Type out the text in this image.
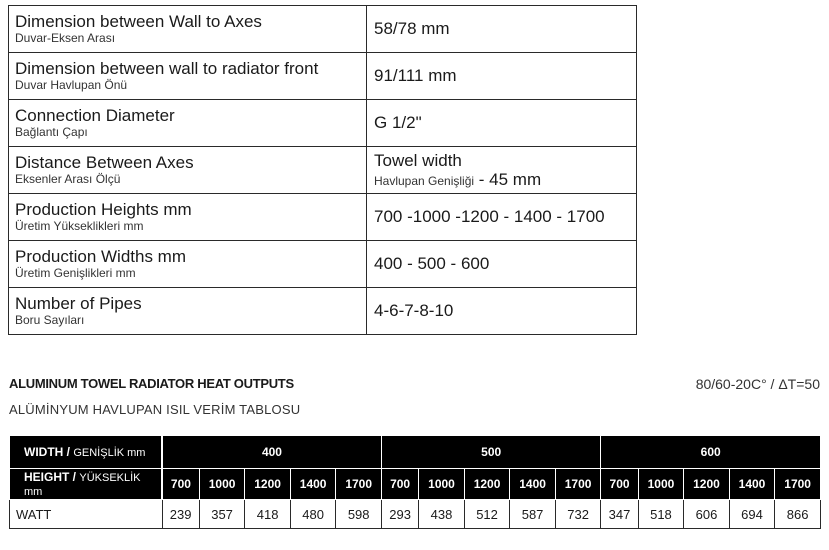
Dimension between Wall to Axes
Duvar-Eksen Arası	58/78 mm

Dimension between wall to radiator front
Duvar Havlupan Önü	91/111 mm

Connection Diameter
Bağlantı Çapı	G 1/2"

Distance Between Axes
Eksenler Arası Ölçü	Towel width
Havlupan Genişliği - 45 mm

Production Heights mm
Üretim Yükseklikleri mm	700 -1000 -1200 - 1400 - 1700

Production Widths mm
Üretim Genişlikleri mm	400 - 500 - 600

Number of Pipes
Boru Sayıları	4-6-7-8-10
ALUMINUM TOWEL RADIATOR HEAT OUTPUTS
ALÜMİNYUM HAVLUPAN ISIL VERİM TABLOSU
80/60-20C° / ΔT=50
WIDTH / GENİŞLİK mm	400					500					600				
HEIGHT / YÜKSEKLİK mm	700	1000	1200	1400	1700	700	1000	1200	1400	1700	700	1000	1200	1400	1700
WATT	239	357	418	480	598	293	438	512	587	732	347	518	606	694	866
